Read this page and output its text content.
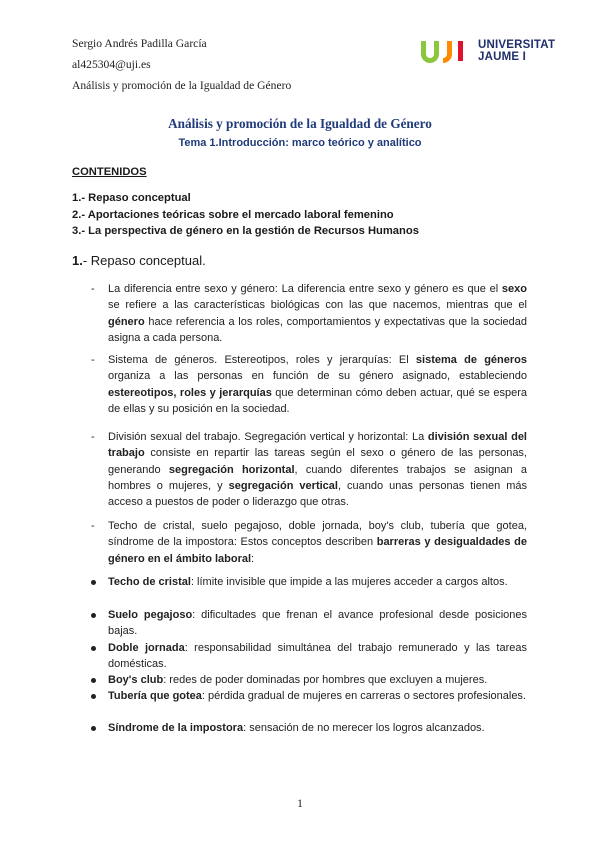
Sergio Andrés Padilla García
al425304@uji.es
Análisis y promoción de la Igualdad de Género
UNIVERSITAT
JAUME I
Análisis y promoción de la Igualdad de Género
Tema 1.Introducción: marco teórico y analítico
CONTENIDOS
1.- Repaso conceptual
2.- Aportaciones teóricas sobre el mercado laboral femenino
3.- La perspectiva de género en la gestión de Recursos Humanos
1.- Repaso conceptual.
- La diferencia entre sexo y género: La diferencia entre sexo y género es que el sexo se refiere a las características biológicas con las que nacemos, mientras que el género hace referencia a los roles, comportamientos y expectativas que la sociedad asigna a cada persona.
- Sistema de géneros. Estereotipos, roles y jerarquías: El sistema de géneros organiza a las personas en función de su género asignado, estableciendo estereotipos, roles y jerarquías que determinan cómo deben actuar, qué se espera de ellas y su posición en la sociedad.
- División sexual del trabajo. Segregación vertical y horizontal: La división sexual del trabajo consiste en repartir las tareas según el sexo o género de las personas, generando segregación horizontal, cuando diferentes trabajos se asignan a hombres o mujeres, y segregación vertical, cuando unas personas tienen más acceso a puestos de poder o liderazgo que otras.
- Techo de cristal, suelo pegajoso, doble jornada, boy's club, tubería que gotea, síndrome de la impostora: Estos conceptos describen barreras y desigualdades de género en el ámbito laboral:
Techo de cristal: límite invisible que impide a las mujeres acceder a cargos altos.
Suelo pegajoso: dificultades que frenan el avance profesional desde posiciones bajas.
Doble jornada: responsabilidad simultánea del trabajo remunerado y las tareas domésticas.
Boy's club: redes de poder dominadas por hombres que excluyen a mujeres.
Tubería que gotea: pérdida gradual de mujeres en carreras o sectores profesionales.
Síndrome de la impostora: sensación de no merecer los logros alcanzados.
1
